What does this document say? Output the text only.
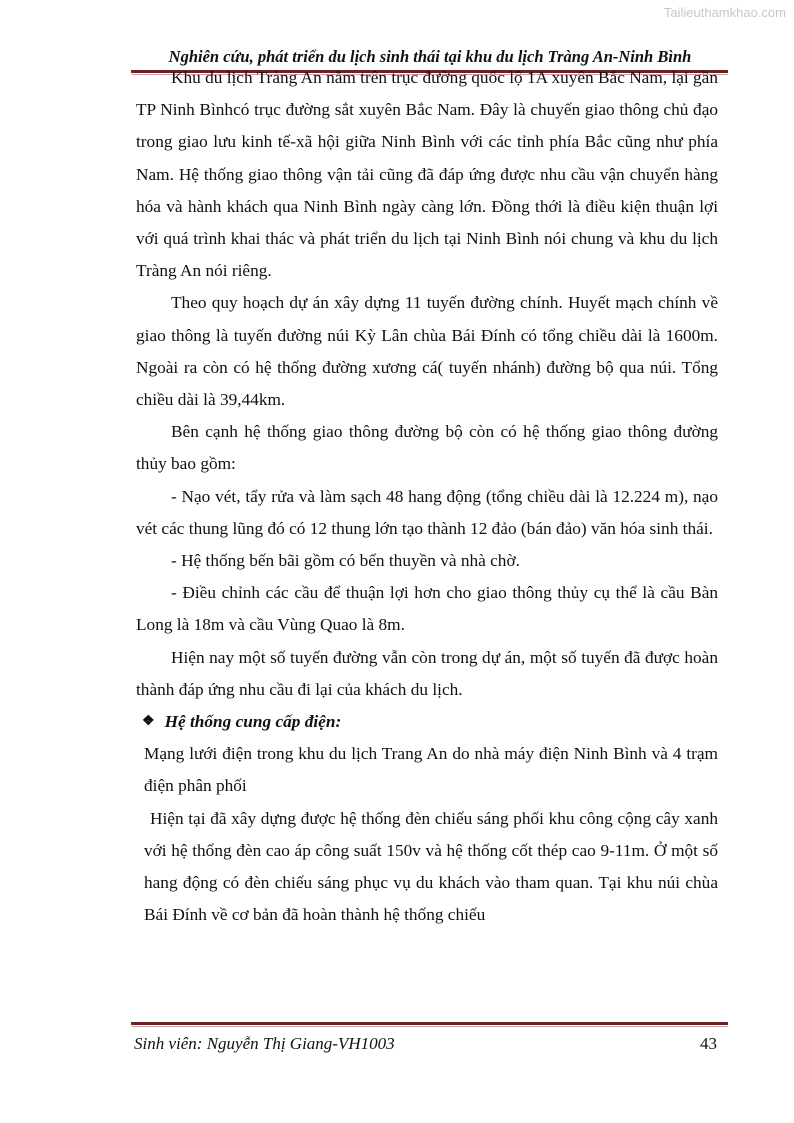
Tailieuthamkhao.com
Nghiên cứu, phát triển du lịch sinh thái tại khu du lịch Tràng An-Ninh Bình

Khu du lịch Tràng An nằm trên trục đường quốc lộ 1A xuyên Bắc Nam, lại gần TP Ninh Bìnhcó trục đường sắt xuyên Bắc Nam. Đây là chuyến giao thông chủ đạo trong giao lưu kinh tế-xã hội giữa Ninh Bình với các tỉnh phía Bắc cũng như phía Nam. Hệ thống giao thông vận tải cũng đã đáp ứng được nhu cầu vận chuyển hàng hóa và hành khách qua Ninh Bình ngày càng lớn. Đồng thới là điều kiện thuận lợi với quá trình khai thác và phát triển du lịch tại Ninh Bình nói chung và khu du lịch Tràng An nói riêng.

Theo quy hoạch dự án xây dựng 11 tuyến đường chính. Huyết mạch chính về giao thông là tuyến đường núi Kỳ Lân chùa Bái Đính có tổng chiều dài là 1600m. Ngoài ra còn có hệ thống đường xương cá( tuyến nhánh) đường bộ qua núi. Tổng chiều dài là 39,44km.

Bên cạnh hệ thống giao thông đường bộ còn có hệ thống giao thông đường thủy bao gồm:

- Nạo vét, tẩy rửa và làm sạch 48 hang động (tổng chiều dài là 12.224 m), nạo vét các thung lũng đó có 12 thung lớn tạo thành 12 đảo (bán đảo) văn hóa sinh thái.

- Hệ thống bến bãi gồm có bến thuyền và nhà chờ.

- Điều chỉnh các cầu để thuận lợi hơn cho giao thông thủy cụ thể là cầu Bàn Long là 18m và cầu Vùng Quao là 8m.

Hiện nay một số tuyến đường vẫn còn trong dự án, một số tuyến đã được hoàn thành đáp ứng nhu cầu đi lại của khách du lịch.

❖ Hệ thống cung cấp điện:

Mạng lưới điện trong khu du lịch Trang An do nhà máy điện Ninh Bình và 4 trạm điện phân phối

Hiện tại đã xây dựng được hệ thống đèn chiếu sáng phối khu công cộng cây xanh với hệ thống đèn cao áp công suất 150v và hệ thống cốt thép cao 9-11m. Ở một số hang động có đèn chiếu sáng phục vụ du khách vào tham quan. Tại khu núi chùa Bái Đính về cơ bản đã hoàn thành hệ thống chiếu

Sinh viên: Nguyễn Thị Giang-VH1003	43
